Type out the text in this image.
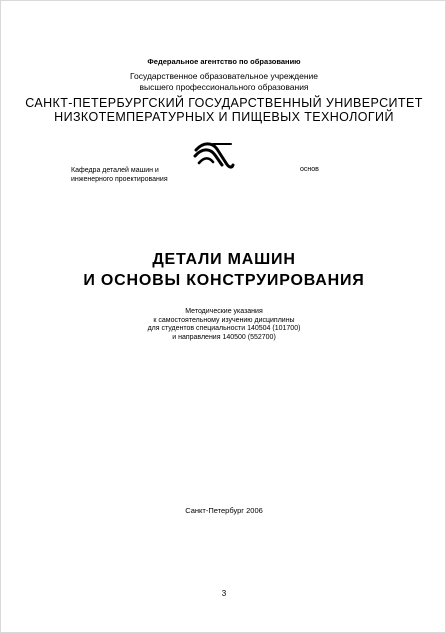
Федеральное агентство по образованию
Государственное образовательное учреждение
высшего профессионального образования
САНКТ-ПЕТЕРБУРГСКИЙ ГОСУДАРСТВЕННЫЙ УНИВЕРСИТЕТ
НИЗКОТЕМПЕРАТУРНЫХ И ПИЩЕВЫХ ТЕХНОЛОГИЙ
Кафедра деталей машин и
инженерного проектирования
основ
ДЕТАЛИ МАШИН
И ОСНОВЫ КОНСТРУИРОВАНИЯ
Методические указания
к самостоятельному изучению дисциплины
для студентов специальности 140504 (101700)
и направления 140500 (552700)
Санкт-Петербург 2006
3
